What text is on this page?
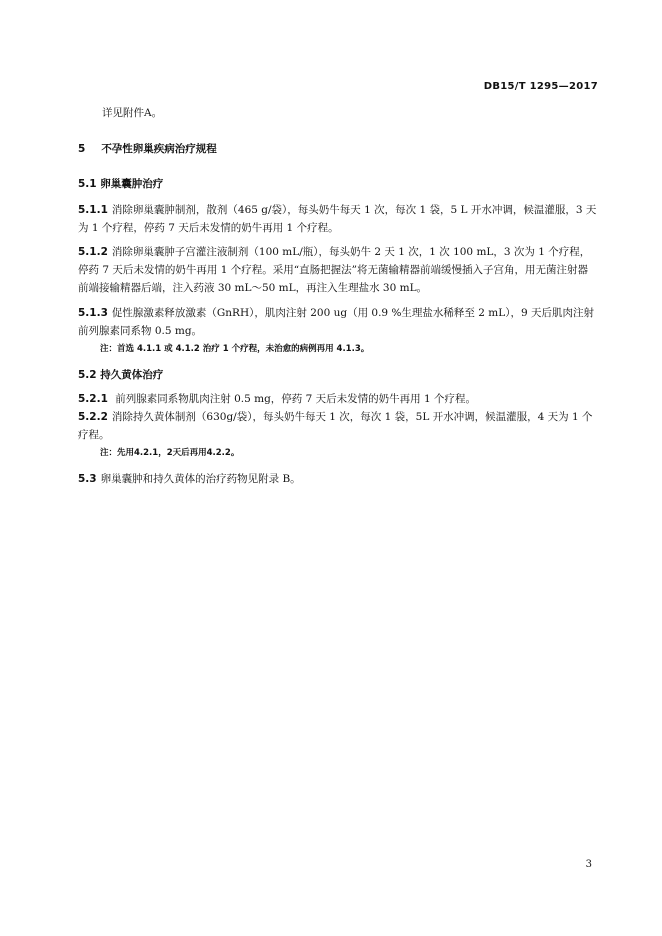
DB15/T 1295—2017
详见附件A。
5 不孕性卵巢疾病治疗规程
5.1 卵巢囊肿治疗
5.1.1 消除卵巢囊肿制剂，散剂（465 g/袋），每头奶牛每天 1 次，每次 1 袋，5 L 开水冲调，候温灌服，3 天为 1 个疗程，停药 7 天后未发情的奶牛再用 1 个疗程。
5.1.2 消除卵巢囊肿子宫灌注液制剂（100 mL/瓶），每头奶牛 2 天 1 次，1 次 100 mL，3 次为 1 个疗程，停药 7 天后未发情的奶牛再用 1 个疗程。采用“直肠把握法”将无菌输精器前端缓慢插入子宫角，用无菌注射器前端接输精器后端，注入药液 30 mL～50 mL，再注入生理盐水 30 mL。
5.1.3 促性腺激素释放激素（GnRH），肌肉注射 200 ug（用 0.9 %生理盐水稀释至 2 mL），9 天后肌肉注射前列腺素同系物 0.5 mg。
注：首选 4.1.1 或 4.1.2 治疗 1 个疗程，未治愈的病例再用 4.1.3。
5.2 持久黄体治疗
5.2.1 前列腺素同系物肌肉注射 0.5 mg，停药 7 天后未发情的奶牛再用 1 个疗程。
5.2.2 消除持久黄体制剂（630g/袋），每头奶牛每天 1 次，每次 1 袋，5L 开水冲调，候温灌服，4 天为 1 个疗程。
注：先用4.2.1，2天后再用4.2.2。
5.3 卵巢囊肿和持久黄体的治疗药物见附录 B。
3
